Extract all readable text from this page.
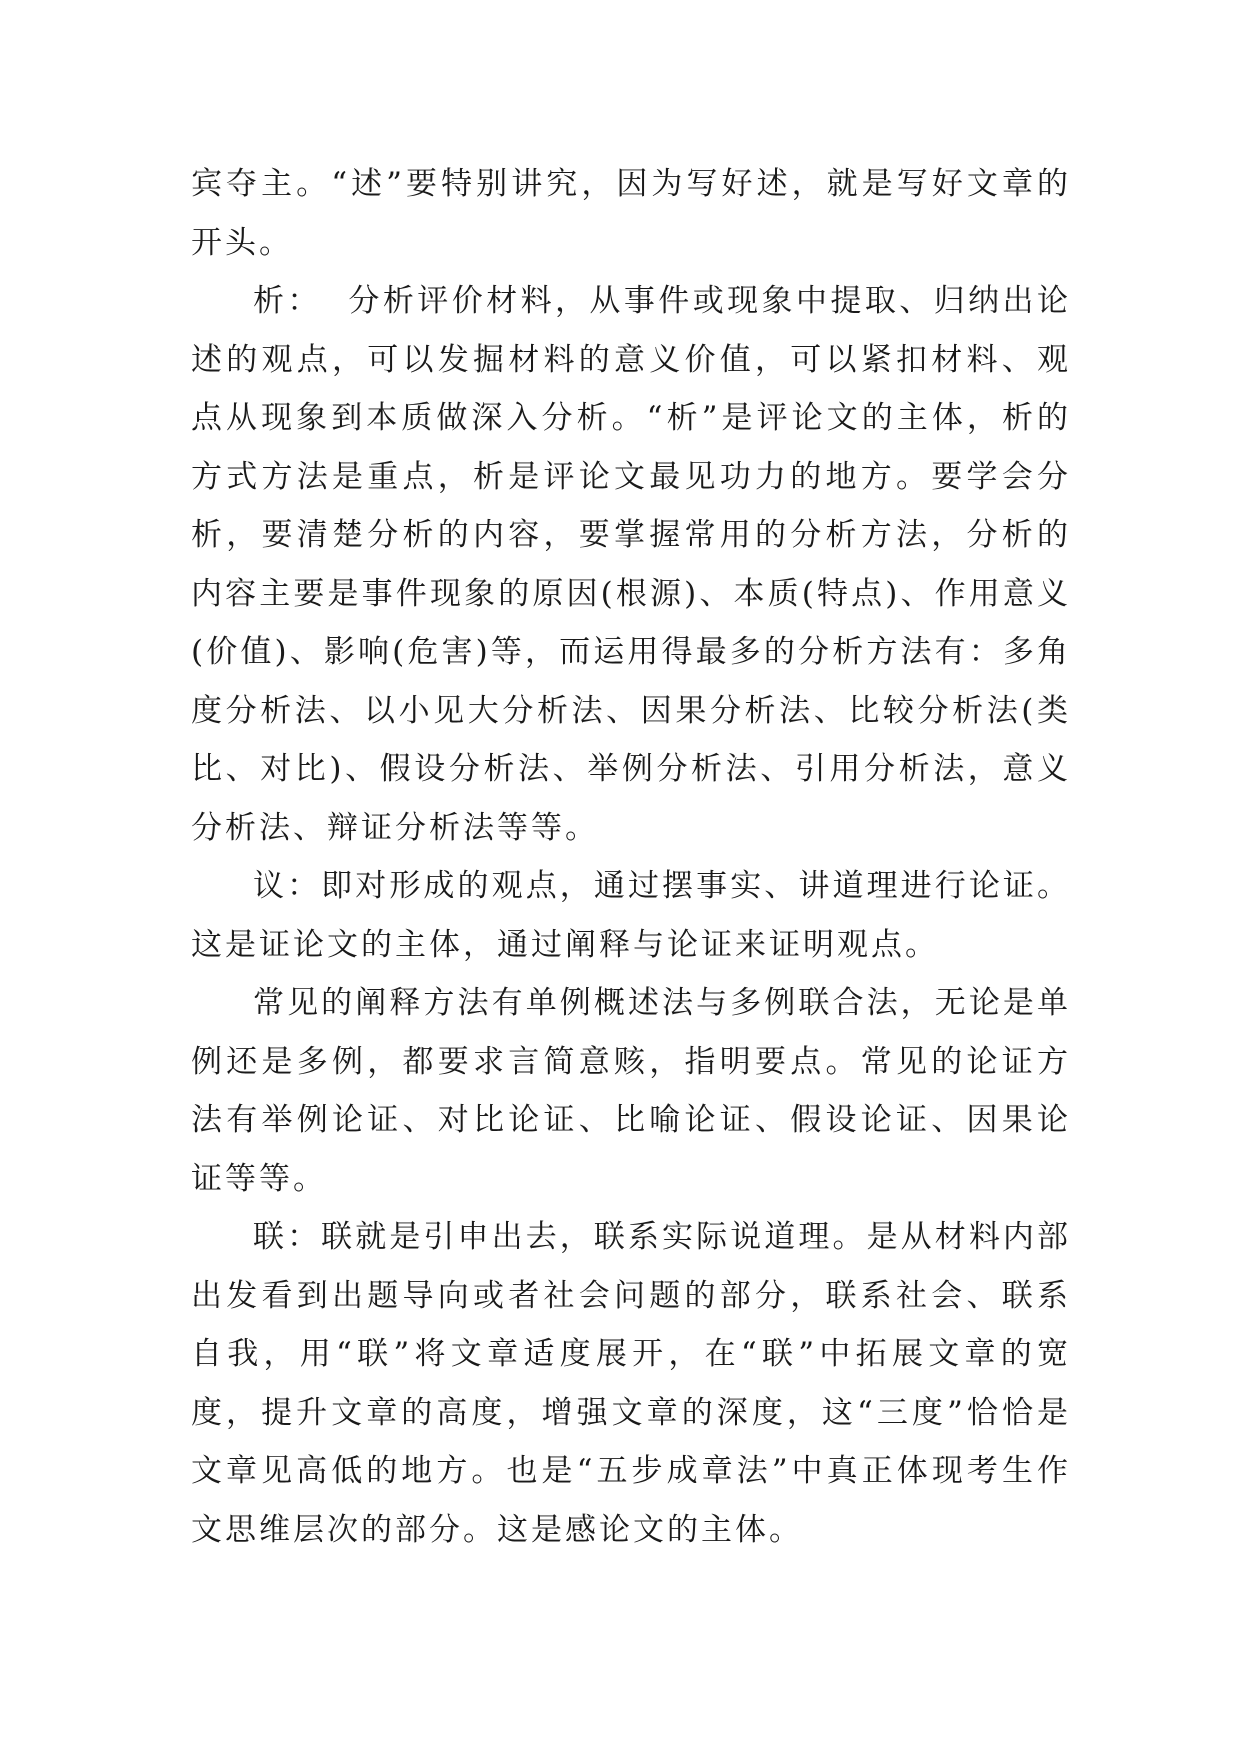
宾夺主。“述”要特别讲究，因为写好述，就是写好文章的开头。

析：  分析评价材料，从事件或现象中提取、归纳出论述的观点，可以发掘材料的意义价值，可以紧扣材料、观点从现象到本质做深入分析。“析”是评论文的主体，析的方式方法是重点，析是评论文最见功力的地方。要学会分析，要清楚分析的内容，要掌握常用的分析方法，分析的内容主要是事件现象的原因(根源)、本质(特点)、作用意义(价值)、影响(危害)等，而运用得最多的分析方法有：多角度分析法、以小见大分析法、因果分析法、比较分析法(类比、对比)、假设分析法、举例分析法、引用分析法，意义分析法、辩证分析法等等。

议：即对形成的观点，通过摆事实、讲道理进行论证。这是证论文的主体，通过阐释与论证来证明观点。

常见的阐释方法有单例概述法与多例联合法，无论是单例还是多例，都要求言简意赅，指明要点。常见的论证方法有举例论证、对比论证、比喻论证、假设论证、因果论证等等。

联：联就是引申出去，联系实际说道理。是从材料内部出发看到出题导向或者社会问题的部分，联系社会、联系自我，用“联”将文章适度展开，在“联”中拓展文章的宽度，提升文章的高度，增强文章的深度，这“三度”恰恰是文章见高低的地方。也是“五步成章法”中真正体现考生作文思维层次的部分。这是感论文的主体。
